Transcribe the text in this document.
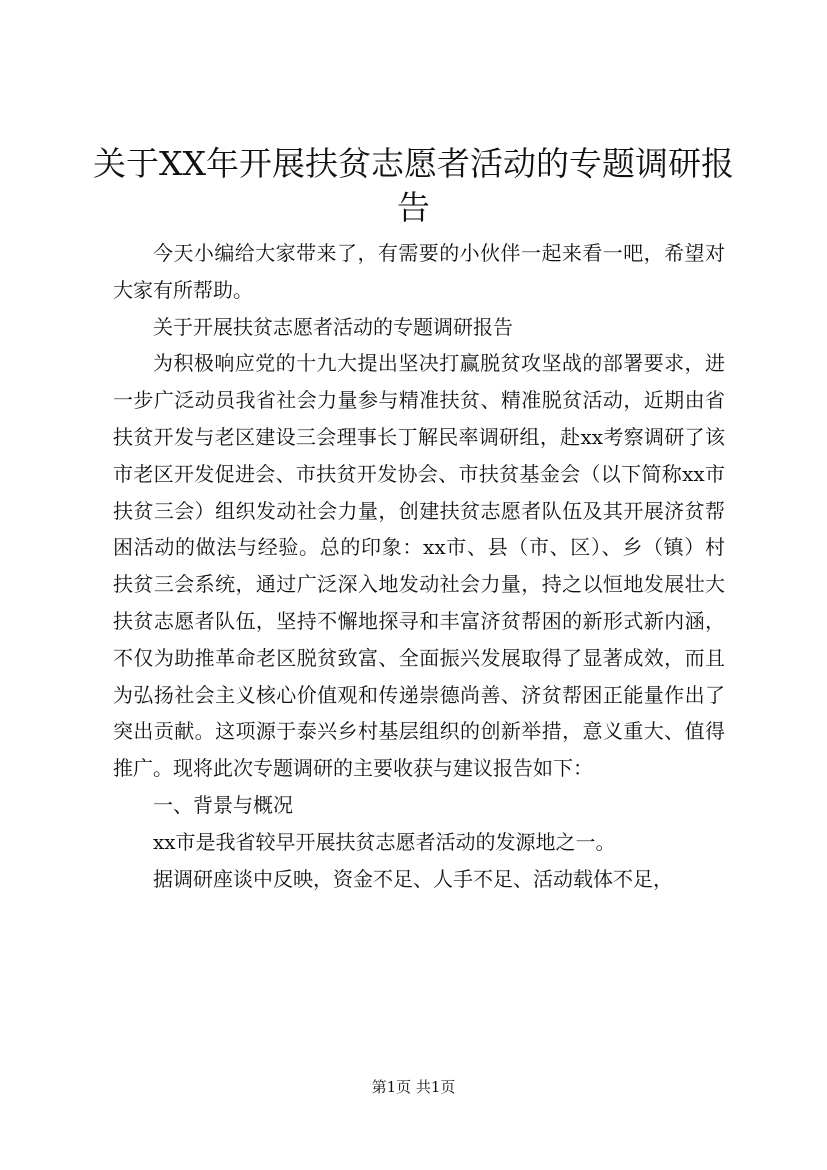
关于XX年开展扶贫志愿者活动的专题调研报告

今天小编给大家带来了，有需要的小伙伴一起来看一吧，希望对大家有所帮助。

关于开展扶贫志愿者活动的专题调研报告

为积极响应党的十九大提出坚决打赢脱贫攻坚战的部署要求，进一步广泛动员我省社会力量参与精准扶贫、精准脱贫活动，近期由省扶贫开发与老区建设三会理事长丁解民率调研组，赴xx考察调研了该市老区开发促进会、市扶贫开发协会、市扶贫基金会（以下简称xx市扶贫三会）组织发动社会力量，创建扶贫志愿者队伍及其开展济贫帮困活动的做法与经验。总的印象：xx市、县（市、区）、乡（镇）村扶贫三会系统，通过广泛深入地发动社会力量，持之以恒地发展壮大扶贫志愿者队伍，坚持不懈地探寻和丰富济贫帮困的新形式新内涵，不仅为助推革命老区脱贫致富、全面振兴发展取得了显著成效，而且为弘扬社会主义核心价值观和传递崇德尚善、济贫帮困正能量作出了突出贡献。这项源于泰兴乡村基层组织的创新举措，意义重大、值得推广。现将此次专题调研的主要收获与建议报告如下：

一、背景与概况

xx市是我省较早开展扶贫志愿者活动的发源地之一。

据调研座谈中反映，资金不足、人手不足、活动载体不足，

第1页 共1页
